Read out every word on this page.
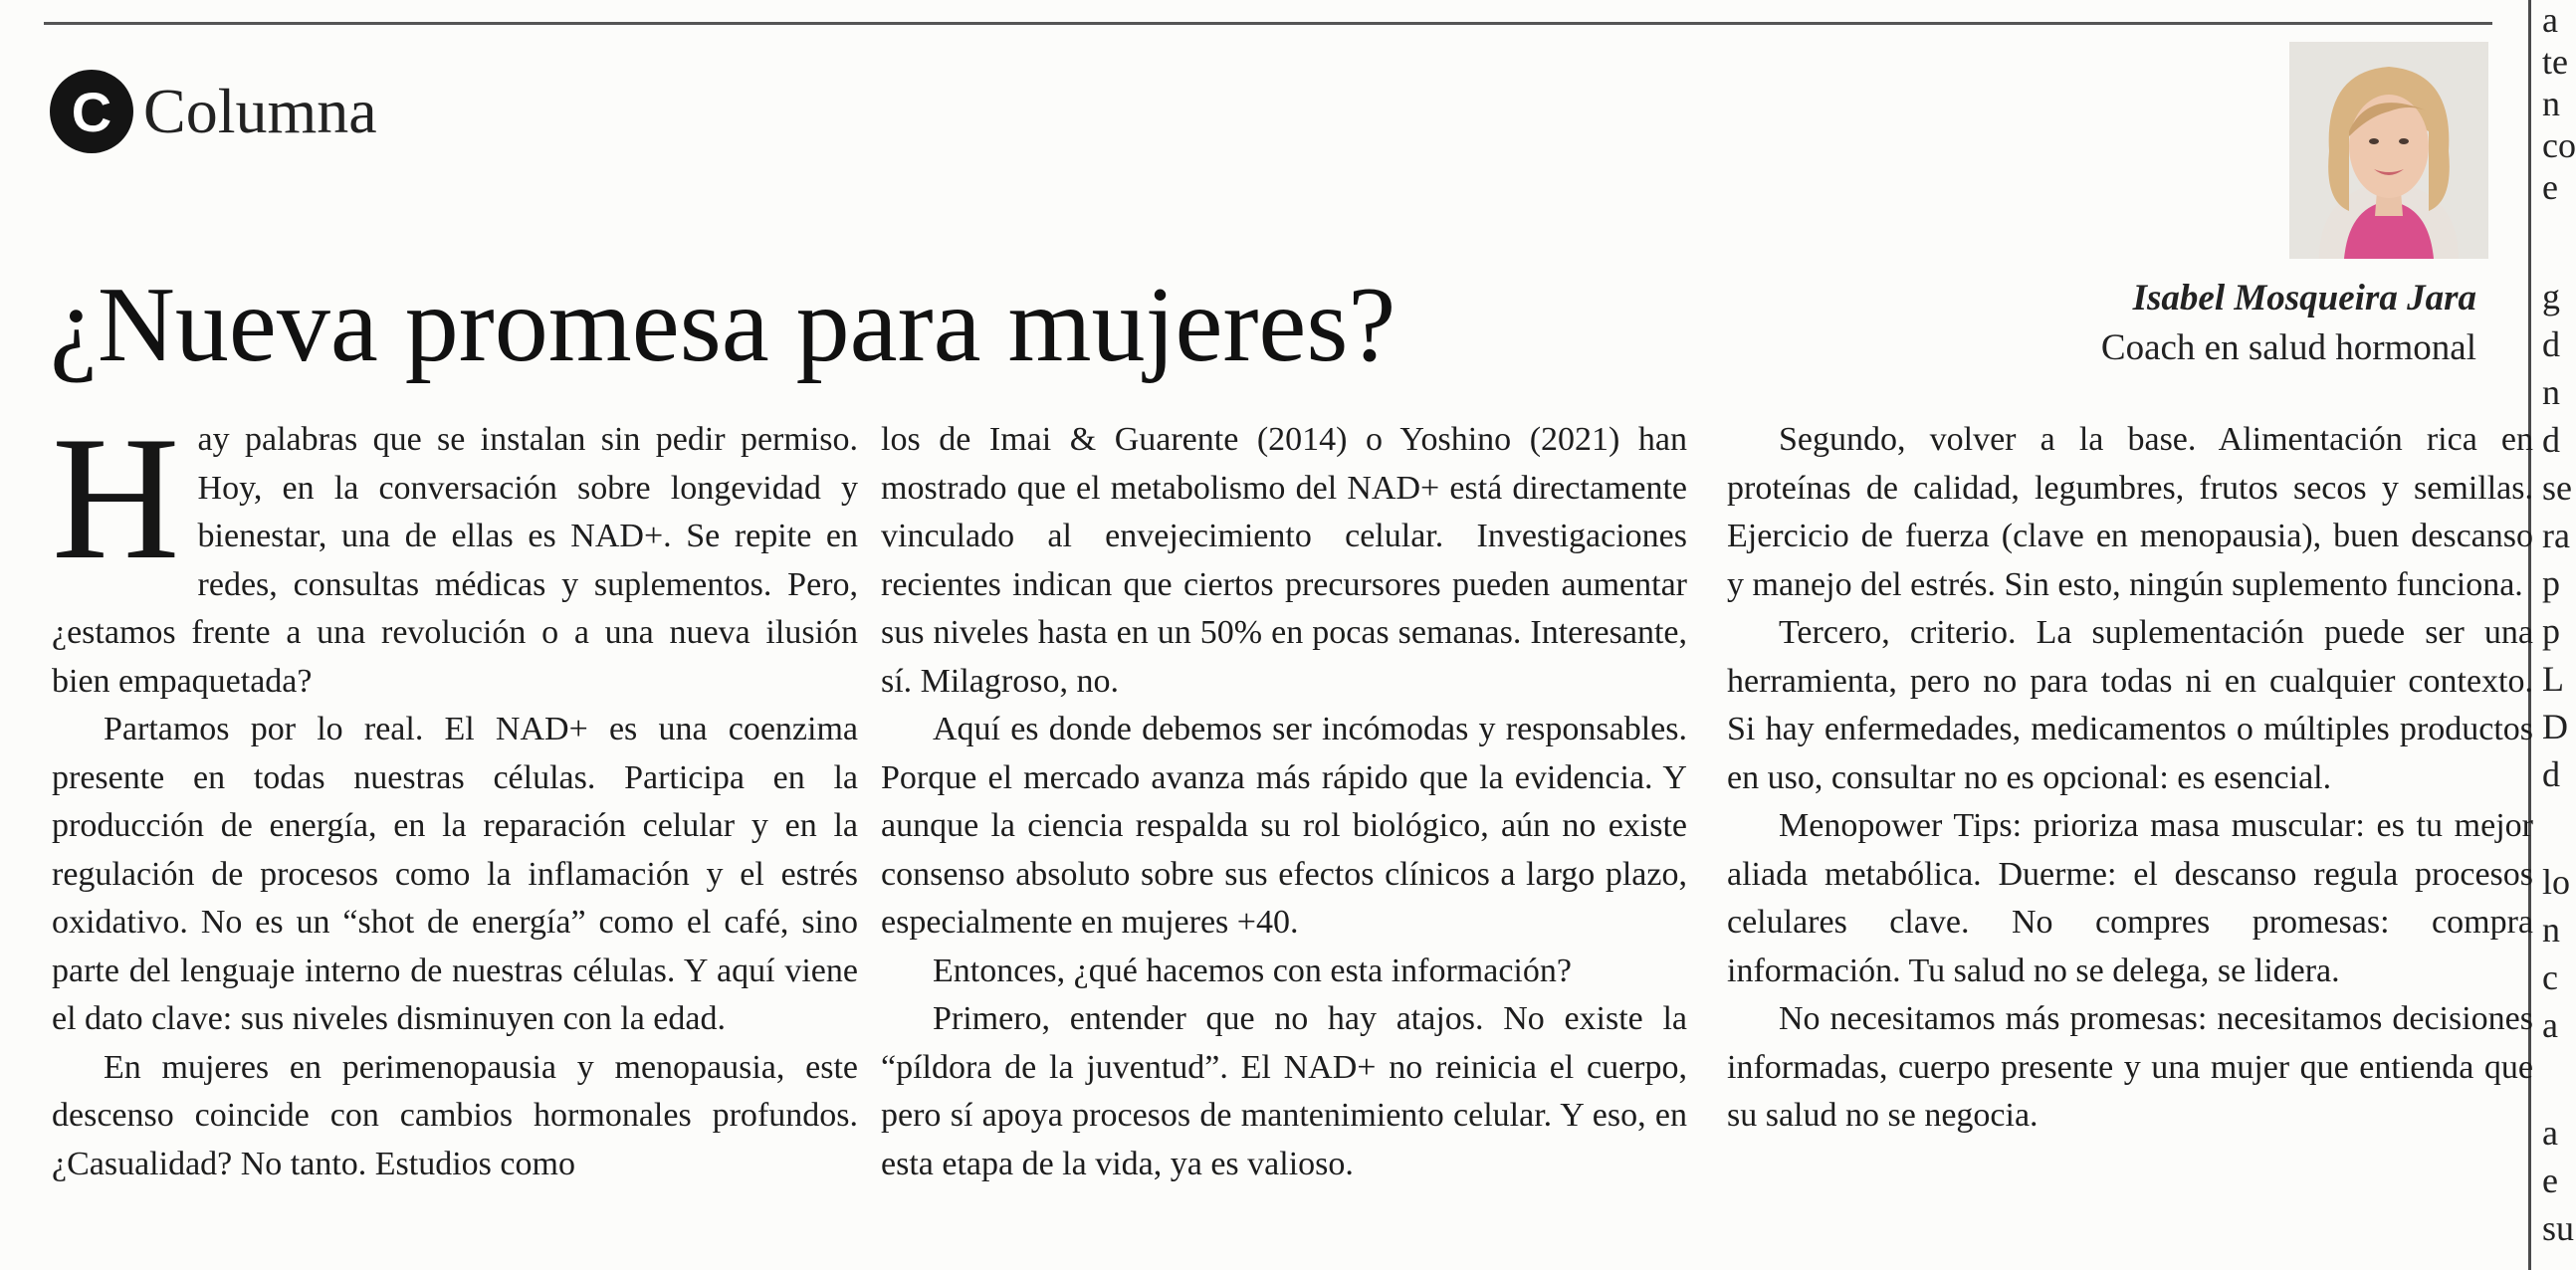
C Columna
¿Nueva promesa para mujeres?	Isabel Mosqueira Jara
Coach en salud hormonal

Hay palabras que se instalan sin pedir permiso. Hoy, en la conversación sobre longevidad y bienestar, una de ellas es NAD+. Se repite en redes, consultas médicas y suplementos. Pero, ¿estamos frente a una revolución o a una nueva ilusión bien empaquetada?

Partamos por lo real. El NAD+ es una coenzima presente en todas nuestras células. Participa en la producción de energía, en la reparación celular y en la regulación de procesos como la inflamación y el estrés oxidativo. No es un “shot de energía” como el café, sino parte del lenguaje interno de nuestras células. Y aquí viene el dato clave: sus niveles disminuyen con la edad.

En mujeres en perimenopausia y menopausia, este descenso coincide con cambios hormonales profundos. ¿Casualidad? No tanto. Estudios como

los de Imai & Guarente (2014) o Yoshino (2021) han mostrado que el metabolismo del NAD+ está directamente vinculado al envejecimiento celular. Investigaciones recientes indican que ciertos precursores pueden aumentar sus niveles hasta en un 50% en pocas semanas. Interesante, sí. Milagroso, no.

Aquí es donde debemos ser incómodas y responsables. Porque el mercado avanza más rápido que la evidencia. Y aunque la ciencia respalda su rol biológico, aún no existe consenso absoluto sobre sus efectos clínicos a largo plazo, especialmente en mujeres +40.

Entonces, ¿qué hacemos con esta información?

Primero, entender que no hay atajos. No existe la “píldora de la juventud”. El NAD+ no reinicia el cuerpo, pero sí apoya procesos de mantenimiento celular. Y eso, en esta etapa de la vida, ya es valioso.

Segundo, volver a la base. Alimentación rica en proteínas de calidad, legumbres, frutos secos y semillas. Ejercicio de fuerza (clave en menopausia), buen descanso y manejo del estrés. Sin esto, ningún suplemento funciona.

Tercero, criterio. La suplementación puede ser una herramienta, pero no para todas ni en cualquier contexto. Si hay enfermedades, medicamentos o múltiples productos en uso, consultar no es opcional: es esencial.

Menopower Tips: prioriza masa muscular: es tu mejor aliada metabólica. Duerme: el descanso regula procesos celulares clave. No compres promesas: compra información. Tu salud no se delega, se lidera.

No necesitamos más promesas: necesitamos decisiones informadas, cuerpo presente y una mujer que entienda que su salud no se negocia.

a
te
n
co
e
g
d
n
d
se
ra
p
p
L
D
d
lo
n
c
a
a
e
su
